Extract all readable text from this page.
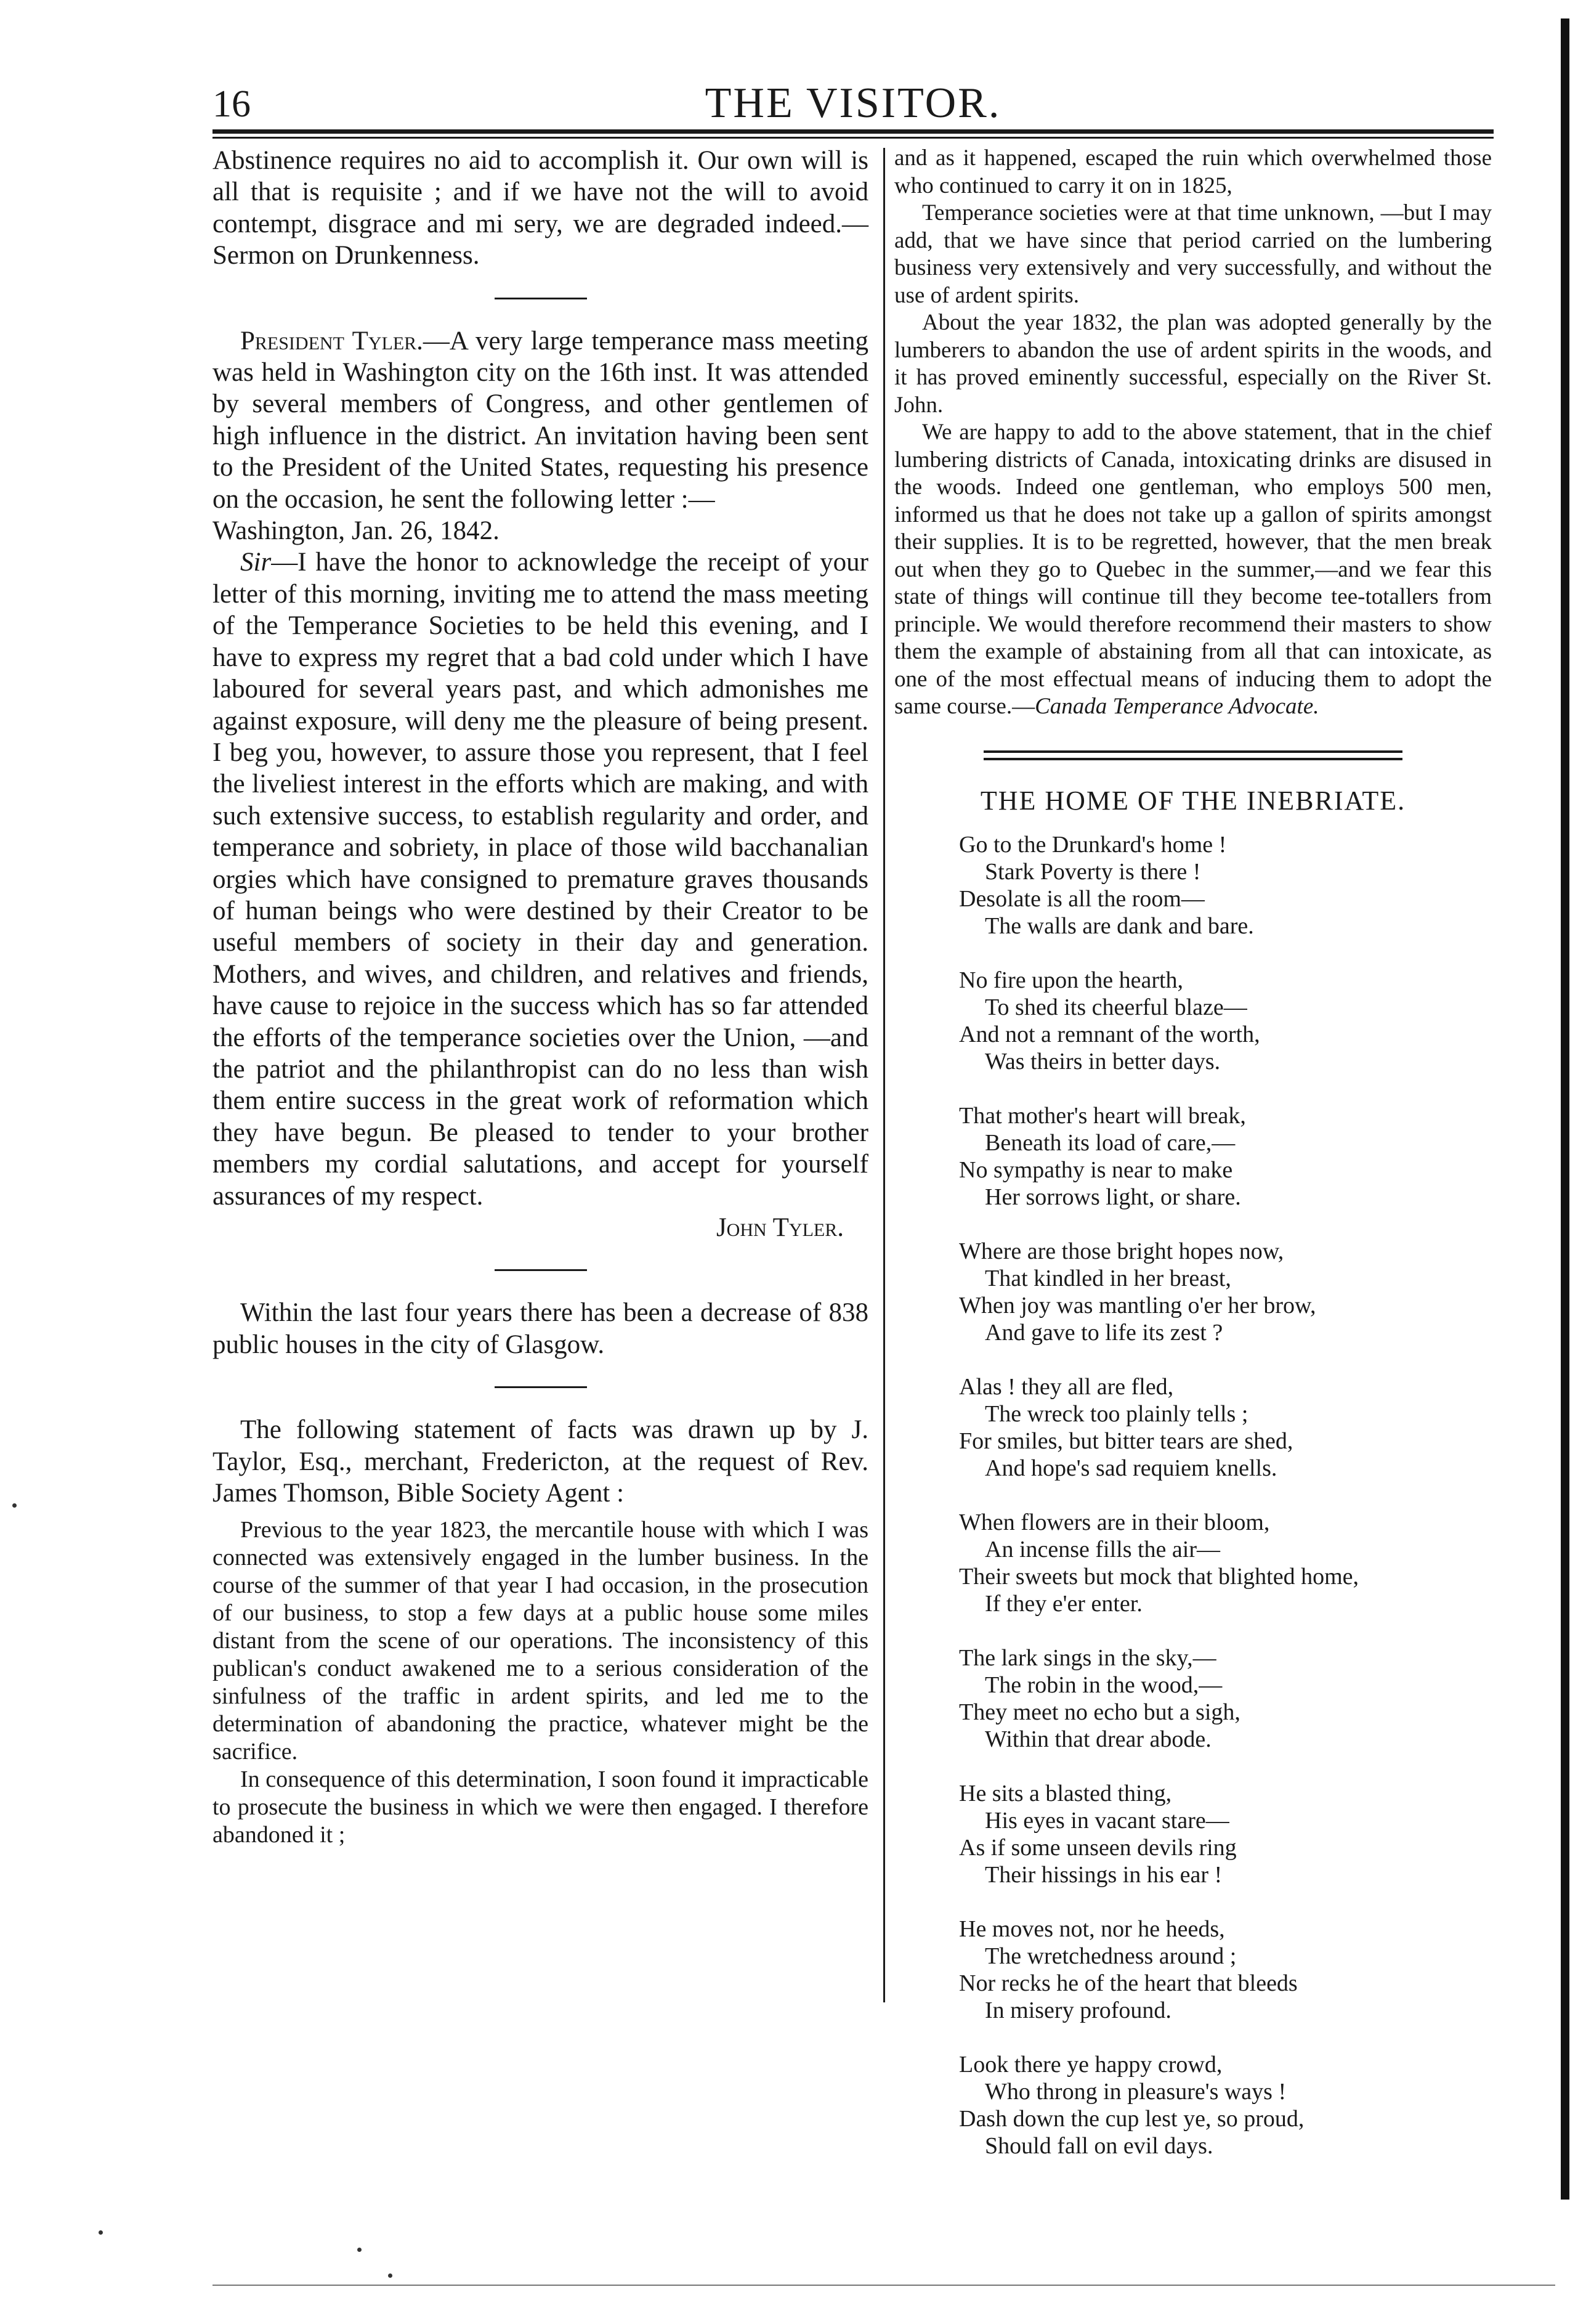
16	THE VISITOR.

Abstinence requires no aid to accomplish it. Our own will is all that is requisite ; and if we have not the will to avoid contempt, disgrace and mi sery, we are degraded indeed.—Sermon on Drunkenness.

President Tyler.—A very large temperance mass meeting was held in Washington city on the 16th inst. It was attended by several members of Congress, and other gentlemen of high influence in the district. An invitation having been sent to the President of the United States, requesting his presence on the occasion, he sent the following letter :—

Washington, Jan. 26, 1842.

Sir—I have the honor to acknowledge the receipt of your letter of this morning, inviting me to attend the mass meeting of the Temperance Societies to be held this evening, and I have to express my regret that a bad cold under which I have laboured for several years past, and which admonishes me against exposure, will deny me the pleasure of being present. I beg you, however, to assure those you represent, that I feel the liveliest interest in the efforts which are making, and with such extensive success, to establish regularity and order, and temperance and sobriety, in place of those wild bacchanalian orgies which have consigned to premature graves thousands of human beings who were destined by their Creator to be useful members of society in their day and generation. Mothers, and wives, and children, and relatives and friends, have cause to rejoice in the success which has so far attended the efforts of the temperance societies over the Union, —and the patriot and the philanthropist can do no less than wish them entire success in the great work of reformation which they have begun. Be pleased to tender to your brother members my cordial salutations, and accept for yourself assurances of my respect.

John Tyler.

Within the last four years there has been a decrease of 838 public houses in the city of Glasgow.

The following statement of facts was drawn up by J. Taylor, Esq., merchant, Fredericton, at the request of Rev. James Thomson, Bible Society Agent :

Previous to the year 1823, the mercantile house with which I was connected was extensively engaged in the lumber business. In the course of the summer of that year I had occasion, in the prosecution of our business, to stop a few days at a public house some miles distant from the scene of our operations. The inconsistency of this publican's conduct awakened me to a serious consideration of the sinfulness of the traffic in ardent spirits, and led me to the determination of abandoning the practice, whatever might be the sacrifice.

In consequence of this determination, I soon found it impracticable to prosecute the business in which we were then engaged. I therefore abandoned it ;

and as it happened, escaped the ruin which overwhelmed those who continued to carry it on in 1825,

Temperance societies were at that time unknown, —but I may add, that we have since that period carried on the lumbering business very extensively and very successfully, and without the use of ardent spirits.

About the year 1832, the plan was adopted generally by the lumberers to abandon the use of ardent spirits in the woods, and it has proved eminently successful, especially on the River St. John.

We are happy to add to the above statement, that in the chief lumbering districts of Canada, intoxicating drinks are disused in the woods. Indeed one gentleman, who employs 500 men, informed us that he does not take up a gallon of spirits amongst their supplies. It is to be regretted, however, that the men break out when they go to Quebec in the summer,—and we fear this state of things will continue till they become tee-totallers from principle. We would therefore recommend their masters to show them the example of abstaining from all that can intoxicate, as one of the most effectual means of inducing them to adopt the same course.—Canada Temperance Advocate.

THE HOME OF THE INEBRIATE.
Go to the Drunkard's home !
Stark Poverty is there !
Desolate is all the room—
The walls are dank and bare.
No fire upon the hearth,
To shed its cheerful blaze—
And not a remnant of the worth,
Was theirs in better days.
That mother's heart will break,
Beneath its load of care,—
No sympathy is near to make
Her sorrows light, or share.
Where are those bright hopes now,
That kindled in her breast,
When joy was mantling o'er her brow,
And gave to life its zest ?
Alas ! they all are fled,
The wreck too plainly tells ;
For smiles, but bitter tears are shed,
And hope's sad requiem knells.
When flowers are in their bloom,
An incense fills the air—
Their sweets but mock that blighted home,
If they e'er enter.
The lark sings in the sky,—
The robin in the wood,—
They meet no echo but a sigh,
Within that drear abode.
He sits a blasted thing,
His eyes in vacant stare—
As if some unseen devils ring
Their hissings in his ear !
He moves not, nor he heeds,
The wretchedness around ;
Nor recks he of the heart that bleeds
In misery profound.
Look there ye happy crowd,
Who throng in pleasure's ways !
Dash down the cup lest ye, so proud,
Should fall on evil days.
